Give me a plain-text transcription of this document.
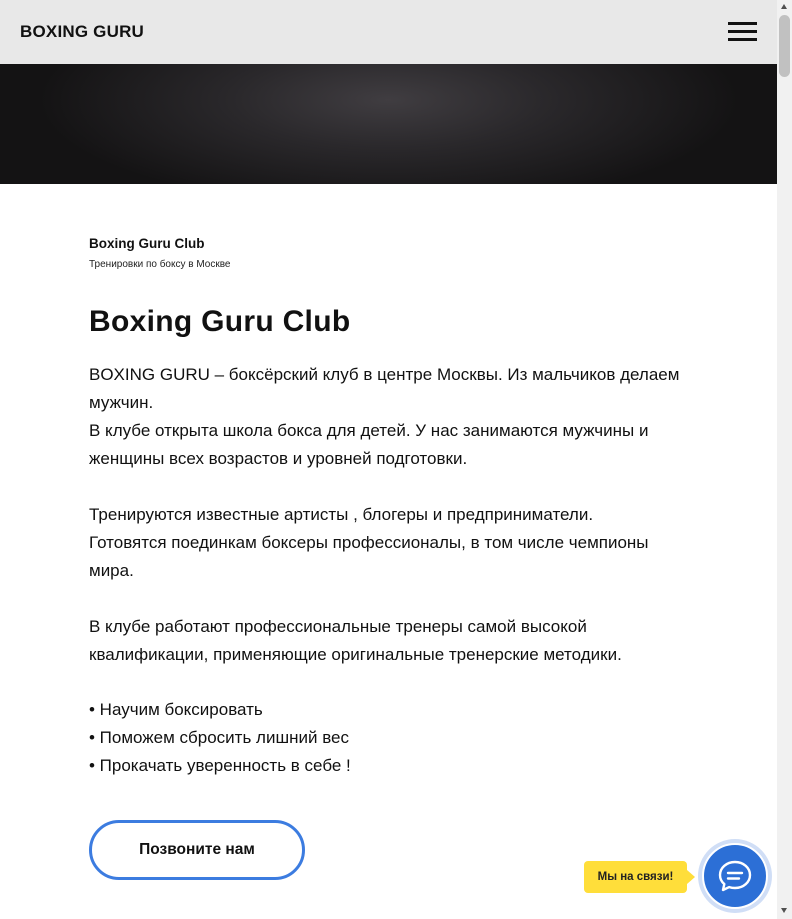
BOXING GURU
Boxing Guru Club
Тренировки по боксу в Москве
Boxing Guru Club
BOXING GURU – боксёрский клуб в центре Москвы. Из мальчиков делаем мужчин.
В клубе открыта школа бокса для детей. У нас занимаются мужчины и женщины всех возрастов и уровней подготовки.
Тренируются известные артисты , блогеры и предприниматели.
Готовятся поединкам боксеры профессионалы, в том числе чемпионы мира.
В клубе работают профессиональные тренеры самой высокой квалификации, применяющие оригинальные тренерские методики.
• Научим боксировать
• Поможем сбросить лишний вес
• Прокачать уверенность в себе !
Позвоните нам
Мы на связи!
